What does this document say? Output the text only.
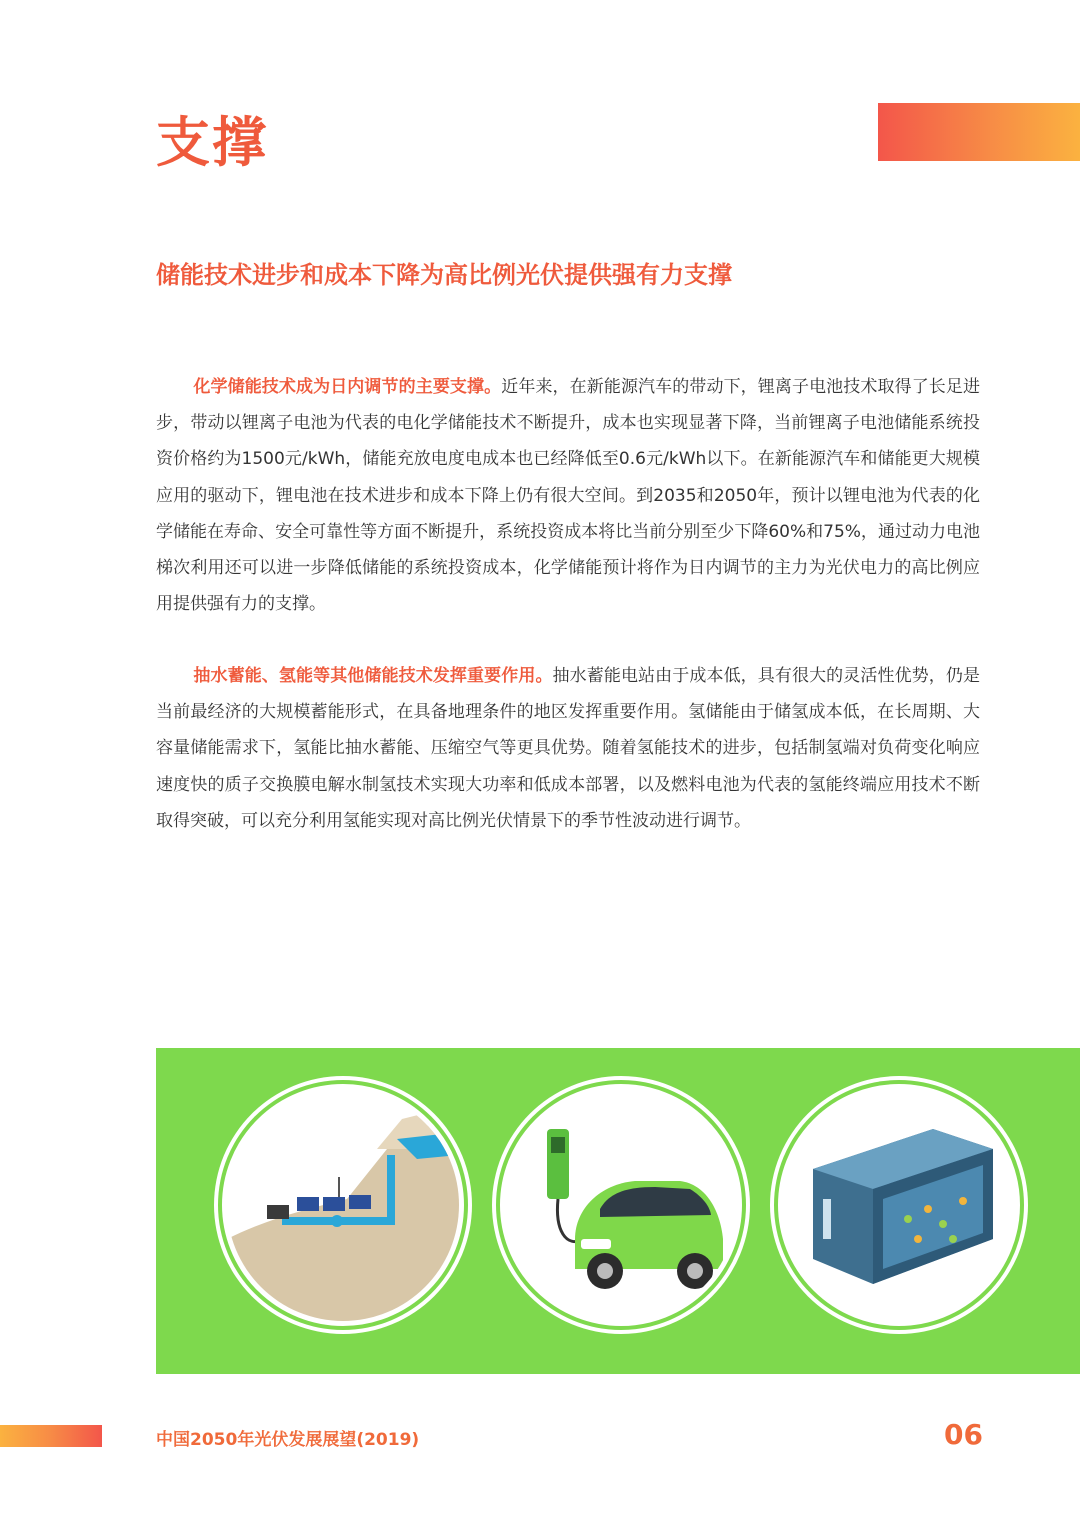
支撑
储能技术进步和成本下降为高比例光伏提供强有力支撑

化学储能技术成为日内调节的主要支撑。近年来，在新能源汽车的带动下，锂离子电池技术取得了长足进步，带动以锂离子电池为代表的电化学储能技术不断提升，成本也实现显著下降，当前锂离子电池储能系统投资价格约为1500元/kWh，储能充放电度电成本也已经降低至0.6元/kWh以下。在新能源汽车和储能更大规模应用的驱动下，锂电池在技术进步和成本下降上仍有很大空间。到2035和2050年，预计以锂电池为代表的化学储能在寿命、安全可靠性等方面不断提升，系统投资成本将比当前分别至少下降60%和75%，通过动力电池梯次利用还可以进一步降低储能的系统投资成本，化学储能预计将作为日内调节的主力为光伏电力的高比例应用提供强有力的支撑。

抽水蓄能、氢能等其他储能技术发挥重要作用。抽水蓄能电站由于成本低，具有很大的灵活性优势，仍是当前最经济的大规模蓄能形式，在具备地理条件的地区发挥重要作用。氢储能由于储氢成本低，在长周期、大容量储能需求下，氢能比抽水蓄能、压缩空气等更具优势。随着氢能技术的进步，包括制氢端对负荷变化响应速度快的质子交换膜电解水制氢技术实现大功率和低成本部署，以及燃料电池为代表的氢能终端应用技术不断取得突破，可以充分利用氢能实现对高比例光伏情景下的季节性波动进行调节。

中国2050年光伏发展展望(2019)	06
